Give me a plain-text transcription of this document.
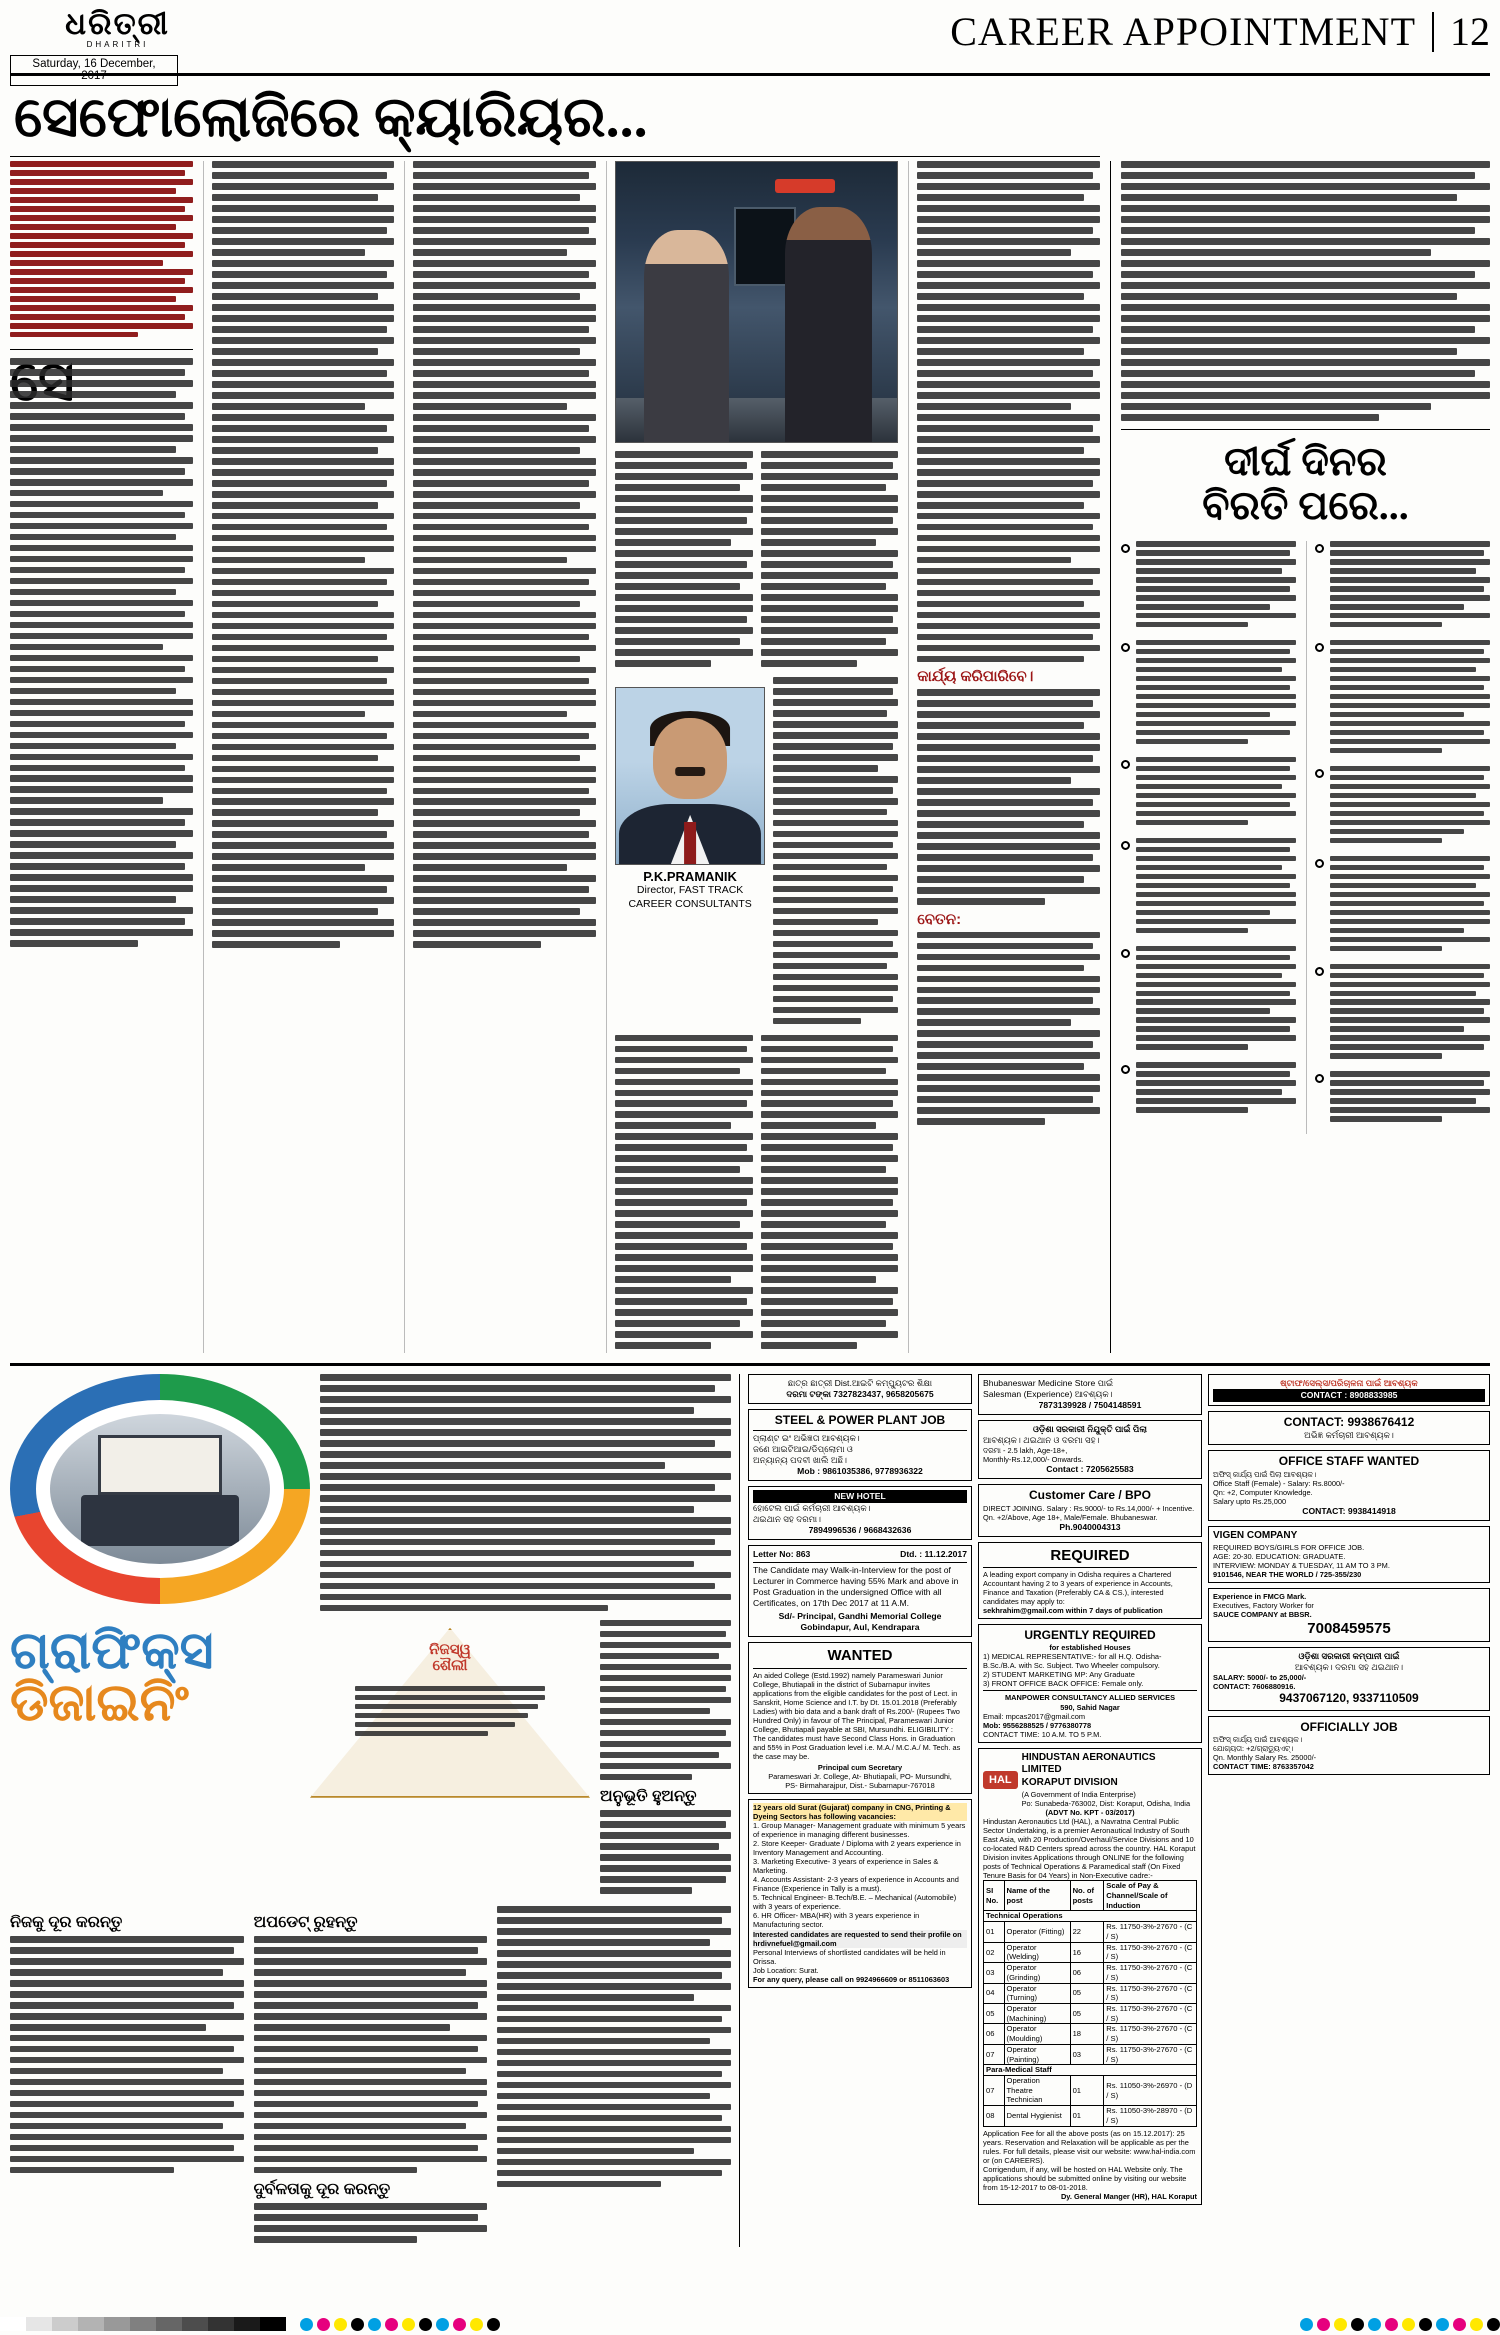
ଧରିତ୍ରୀ
DHARITRI
Saturday, 16 December, 2017
CAREER APPOINTMENT 12
ସେଫୋଲୋଜିରେ କ୍ୟାରିୟର...
P.K.PRAMANIK
Director, FAST TRACK
CAREER CONSULTANTS
କାର୍ଯ୍ୟ କରିପାରିବେ।
ବେତନ:
ଦୀର୍ଘ ଦିନର
ବିରତି ପରେ...
ଗ୍ରାଫିକ୍ସ
ଡିଜାଇନିଂ
ନିଜସ୍ୱ
ଶୈଲୀ
ଅନୁଭୂତି ହୁଅନ୍ତୁ
ନିଜକୁ ଦୂର କରନ୍ତୁ	ଅପଡେଟ୍ ରୁହନ୍ତୁ
ଦୁର୍ବଳତାକୁ ଦୂର କରନ୍ତୁ
ଛାତ୍ର ଛାତ୍ରୀ Dist.ଆଇଟି କମ୍ପ୍ୟୁଟର ଶିକ୍ଷା
ଦରମା ଟଙ୍କା 7327823437, 9658205675
STEEL & POWER PLANT JOB
ପ୍ଲାଣ୍ଟ ଇଂ ଅଭିଜ୍ଞତା ଆବଶ୍ୟକ।
ଜଣେ ଆଇଟିଆଇ/ଡିପ୍ଲୋମା ଓ
ଅନ୍ୟାନ୍ୟ ପଦବୀ ଖାଲି ଅଛି।
Mob : 9861035386, 9778936322
NEW HOTEL
ହୋଟେଲ ପାଇଁ କର୍ମଚାରୀ ଆବଶ୍ୟକ।
ଥଇଥାନ ସହ ଦରମା।
7894996536 / 9668432636
Letter No: 863	Dtd. : 11.12.2017
The Candidate may Walk-in-Interview for the post of Lecturer in Commerce having 55% Mark and above in Post Graduation in the undersigned Office with all Certificates, on 17th Dec 2017 at 11 A.M.
Sd/- Principal, Gandhi Memorial College
Gobindapur, Aul, Kendrapara
WANTED
An aided College (Estd.1992) namely Parameswari Junior College, Bhutiapali in the district of Subarnapur invites applications from the eligible candidates for the post of Lect. in Sanskrit, Home Science and I.T. by Dt. 15.01.2018 (Preferably Ladies) with bio data and a bank draft of Rs.200/- (Rupees Two Hundred Only) in favour of The Principal, Parameswari Junior College, Bhutiapali payable at SBI, Mursundhi. ELIGIBILITY : The candidates must have Second Class Hons. in Graduation and 55% in Post Graduation level i.e. M.A./ M.C.A./ M. Tech. as the case may be.
Principal cum Secretary
Parameswari Jr. College, At- Bhutiapali, PO- Mursundhi,
PS- Birmaharajpur, Dist.- Subarnapur-767018
12 years old Surat (Gujarat) company in CNG, Printing & Dyeing Sectors has following vacancies:
1. Group Manager- Management graduate with minimum 5 years of experience in managing different businesses.
2. Store Keeper- Graduate / Diploma with 2 years experience in Inventory Management and Accounting.
3. Marketing Executive- 3 years of experience in Sales & Marketing.
4. Accounts Assistant- 2-3 years of experience in Accounts and Finance (Experience in Tally is a must).
5. Technical Engineer- B.Tech/B.E. – Mechanical (Automobile) with 3 years of experience.
6. HR Officer- MBA(HR) with 3 years experience in Manufacturing sector.
Interested candidates are requested to send their profile on hrdivnefuel@gmail.com
Personal Interviews of shortlisted candidates will be held in Orissa.
Job Location: Surat.
For any query, please call on 9924966609 or 8511063603
Bhubaneswar Medicine Store ପାଇଁ
Salesman (Experience) ଆବଶ୍ୟକ।
7873139928 / 7504148591
ଓଡ଼ିଶା ସରକାରୀ ନିଯୁକ୍ତି ପାଇଁ ପିଲା
ଆବଶ୍ୟକ। ଥଇଥାନ ଓ ଦରମା ସହ।
ଦରମା - 2.5 lakh, Age-18+,
Monthly-Rs.12,000/- Onwards.
Contact : 7205625583
Customer Care / BPO
DIRECT JOINING. Salary : Rs.9000/- to Rs.14,000/- + Incentive. Qn. +2/Above, Age 18+, Male/Female. Bhubaneswar.
Ph.9040004313
REQUIRED
A leading export company in Odisha requires a Chartered Accountant having 2 to 3 years of experience in Accounts, Finance and Taxation (Preferably CA & CS.), interested candidates may apply to:
sekhrahim@gmail.com within 7 days of publication
URGENTLY REQUIRED
for established Houses
1) MEDICAL REPRESENTATIVE:- for all H.Q. Odisha- B.Sc./B.A. with Sc. Subject. Two Wheeler compulsory.
2) STUDENT MARKETING MP: Any Graduate
3) FRONT OFFICE BACK OFFICE: Female only.
MANPOWER CONSULTANCY ALLIED SERVICES
590, Sahid Nagar
Email: mpcas2017@gmail.com
Mob: 9556288525 / 9776380778
CONTACT TIME: 10 A.M. TO 5 P.M.
HAL
HINDUSTAN AERONAUTICS LIMITED
KORAPUT DIVISION
(A Government of India Enterprise)
Po: Sunabeda-763002, Dist: Koraput, Odisha, India
(ADVT No. KPT - 03/2017)
Hindustan Aeronautics Ltd (HAL), a Navratna Central Public Sector Undertaking, is a premier Aeronautical Industry of South East Asia, with 20 Production/Overhaul/Service Divisions and 10 co-located R&D Centers spread across the country. HAL Koraput Division invites Applications through ONLINE for the following posts of Technical Operations & Paramedical staff (On Fixed Tenure Basis for 04 Years) in Non-Executive cadre:-
SI No.	Name of the post	No. of posts	Scale of Pay & Channel/Scale of Induction
Technical Operations			
01	Operator (Fitting)	22	Rs. 11750-3%-27670 - (C / S)
02	Operator (Welding)	16	Rs. 11750-3%-27670 - (C / S)
03	Operator (Grinding)	06	Rs. 11750-3%-27670 - (C / S)
04	Operator (Turning)	05	Rs. 11750-3%-27670 - (C / S)
05	Operator (Machining)	05	Rs. 11750-3%-27670 - (C / S)
06	Operator (Moulding)	18	Rs. 11750-3%-27670 - (C / S)
07	Operator (Painting)	03	Rs. 11750-3%-27670 - (C / S)
Para-Medical Staff			
07	Operation Theatre Technician	01	Rs. 11050-3%-26970 - (D / S)
08	Dental Hygienist	01	Rs. 11050-3%-28970 - (D / S)
Application Fee for all the above posts (as on 15.12.2017): 25 years. Reservation and Relaxation will be applicable as per the rules. For full details, please visit our website: www.hal-india.com or (on CAREERS).
Corrigendum, if any, will be hosted on HAL Website only. The applications should be submitted online by visiting our website from 15-12-2017 to 08-01-2018.
Dy. General Manger (HR), HAL Koraput
ଷ୍ଟାଫ/ସେଲ୍ସ/ପରିଚାଳନା ପାଇଁ ଆବଶ୍ୟକ
CONTACT : 8908833985
CONTACT: 9938676412
ଅଭିଜ୍ଞ କର୍ମଚାରୀ ଆବଶ୍ୟକ।
OFFICE STAFF WANTED
ଅଫିସ୍ କାର୍ଯ୍ୟ ପାଇଁ ପିଲା ଆବଶ୍ୟକ।
Office Staff (Female) - Salary: Rs.8000/-
Qn: +2, Computer Knowledge.
Salary upto Rs.25,000
CONTACT: 9938414918
VIGEN COMPANY
REQUIRED BOYS/GIRLS FOR OFFICE JOB.
AGE: 20-30. EDUCATION: GRADUATE.
INTERVIEW: MONDAY & TUESDAY, 11 AM TO 3 PM.
9101546, NEAR THE WORLD / 725-355/230
Experience in FMCG Mark.
Executives, Factory Worker for
SAUCE COMPANY at BBSR.
7008459575
ଓଡ଼ିଶା ସରକାରୀ କମ୍ପାନୀ ପାଇଁ
ଆବଶ୍ୟକ। ଦରମା ସହ ଥଇଥାନ।
SALARY: 5000/- to 25,000/-
CONTACT: 7606880916.
9437067120, 9337110509
OFFICIALLY JOB
ଅଫିସ୍ କାର୍ଯ୍ୟ ପାଇଁ ଆବଶ୍ୟକ।
ଯୋଗ୍ୟତା: +2/ଗ୍ରାଡ୍ୟୁଏଟ୍।
Qn. Monthly Salary Rs. 25000/-
CONTACT TIME: 8763357042
